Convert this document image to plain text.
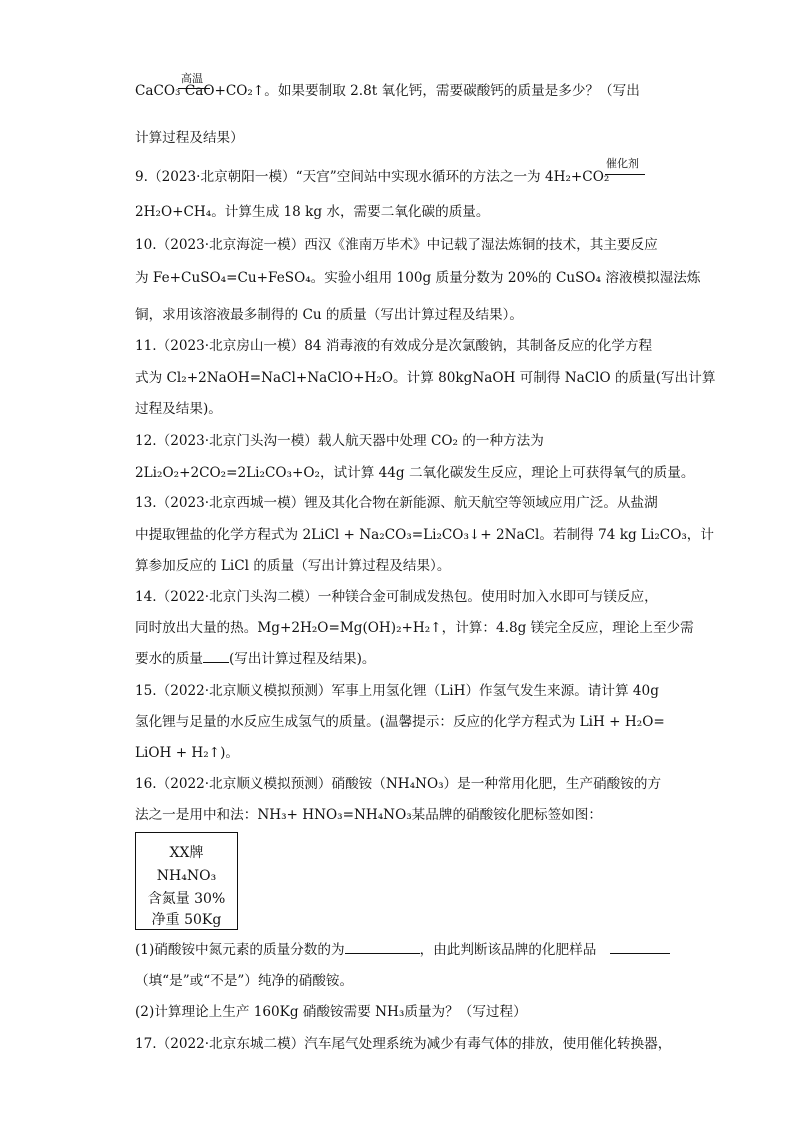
高温
CaCO₃ CaO+CO₂↑。如果要制取 2.8t 氧化钙，需要碳酸钙的质量是多少？（写出
计算过程及结果）
9.（2023·北京朝阳一模）“天宫”空间站中实现水循环的方法之一为 4H₂+CO₂
催化剂
2H₂O+CH₄。计算生成 18 kg 水，需要二氧化碳的质量。
10.（2023·北京海淀一模）西汉《淮南万毕术》中记载了湿法炼铜的技术，其主要反应
为 Fe+CuSO₄=Cu+FeSO₄。实验小组用 100g 质量分数为 20%的 CuSO₄ 溶液模拟湿法炼
铜，求用该溶液最多制得的 Cu 的质量（写出计算过程及结果）。
11.（2023·北京房山一模）84 消毒液的有效成分是次氯酸钠，其制备反应的化学方程
式为 Cl₂+2NaOH=NaCl+NaClO+H₂O。计算 80kgNaOH 可制得 NaClO 的质量(写出计算
过程及结果)。
12.（2023·北京门头沟一模）载人航天器中处理 CO₂ 的一种方法为
2Li₂O₂+2CO₂=2Li₂CO₃+O₂，试计算 44g 二氧化碳发生反应，理论上可获得氧气的质量。
13.（2023·北京西城一模）锂及其化合物在新能源、航天航空等领域应用广泛。从盐湖
中提取锂盐的化学方程式为 2LiCl + Na₂CO₃=Li₂CO₃↓+ 2NaCl。若制得 74 kg Li₂CO₃，计
算参加反应的 LiCl 的质量（写出计算过程及结果）。
14.（2022·北京门头沟二模）一种镁合金可制成发热包。使用时加入水即可与镁反应，
同时放出大量的热。Mg+2H₂O=Mg(OH)₂+H₂↑，计算：4.8g 镁完全反应，理论上至少需
要水的质量 (写出计算过程及结果)。
15.（2022·北京顺义模拟预测）军事上用氢化锂（LiH）作氢气发生来源。请计算 40g
氢化锂与足量的水反应生成氢气的质量。(温馨提示：反应的化学方程式为 LiH + H₂O=
LiOH + H₂↑)。
16.（2022·北京顺义模拟预测）硝酸铵（NH₄NO₃）是一种常用化肥，生产硝酸铵的方
法之一是用中和法：NH₃+ HNO₃=NH₄NO₃某品牌的硝酸铵化肥标签如图：
XX牌
NH₄NO₃
含氮量 30%
净重 50Kg
(1)硝酸铵中氮元素的质量分数的为	，由此判断该品牌的化肥样品
（填“是”或“不是”）纯净的硝酸铵。
(2)计算理论上生产 160Kg 硝酸铵需要 NH₃质量为？（写过程）
17.（2022·北京东城二模）汽车尾气处理系统为减少有毒气体的排放，使用催化转换器，
